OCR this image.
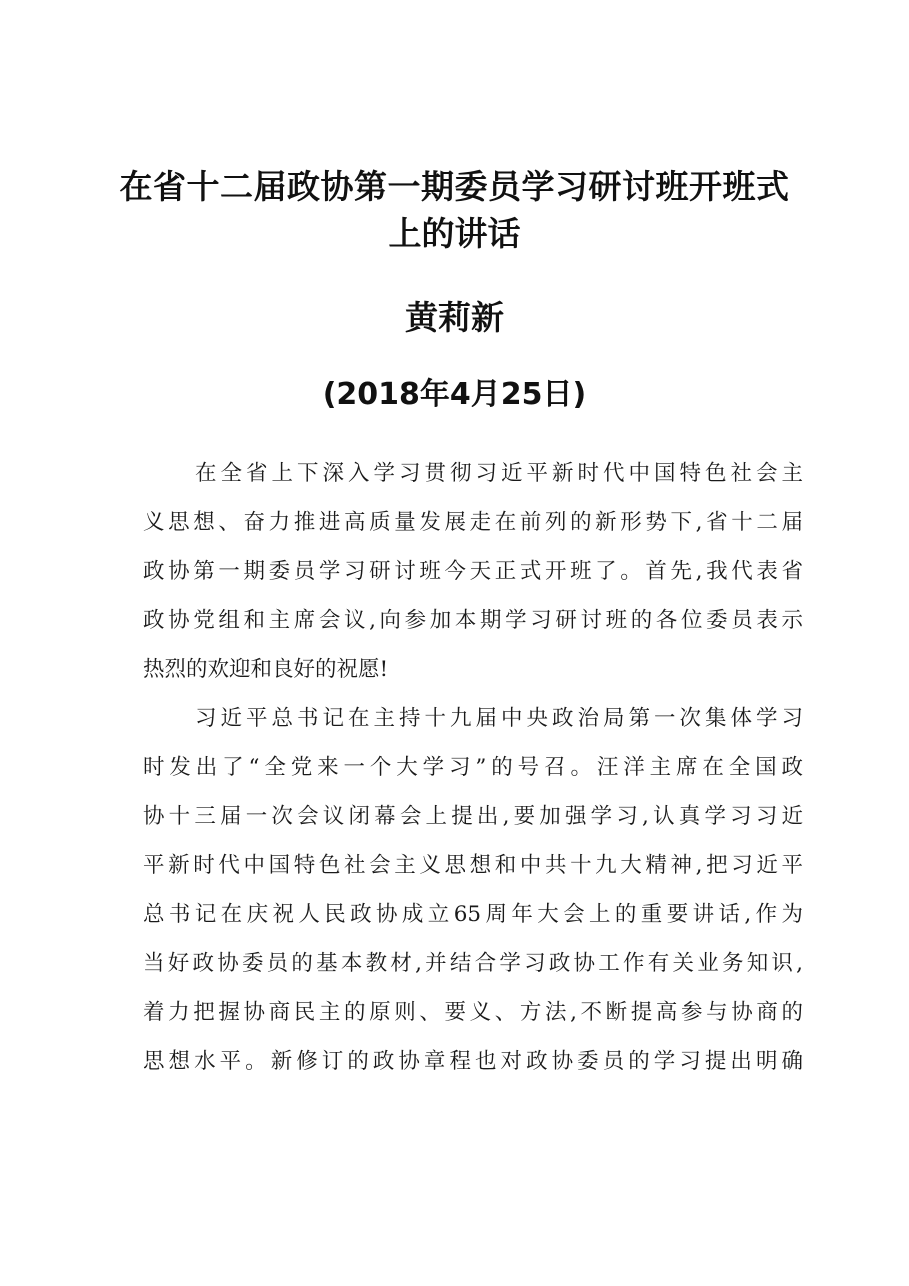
在省十二届政协第一期委员学习研讨班开班式
上的讲话
黄莉新
(2018年4月25日)

在全省上下深入学习贯彻习近平新时代中国特色社会主

义思想、奋力推进高质量发展走在前列的新形势下,省十二届

政协第一期委员学习研讨班今天正式开班了。首先,我代表省

政协党组和主席会议,向参加本期学习研讨班的各位委员表示

热烈的欢迎和良好的祝愿!

习近平总书记在主持十九届中央政治局第一次集体学习

时发出了“全党来一个大学习”的号召。汪洋主席在全国政

协十三届一次会议闭幕会上提出,要加强学习,认真学习习近

平新时代中国特色社会主义思想和中共十九大精神,把习近平

总书记在庆祝人民政协成立65周年大会上的重要讲话,作为

当好政协委员的基本教材,并结合学习政协工作有关业务知识,

着力把握协商民主的原则、要义、方法,不断提高参与协商的

思想水平。新修订的政协章程也对政协委员的学习提出明确
